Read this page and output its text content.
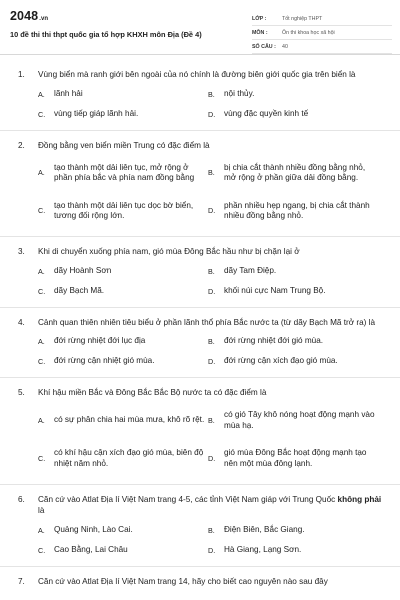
2048.vn
10 đề thi thi thpt quốc gia tổ hợp KHXH môn Địa (Đề 4)
LỚP :	Tốt nghiệp THPT
MÔN :	Ôn thi khoa học xã hội
SỐ CÂU :	40
1.	Vùng biển mà ranh giới bên ngoài của nó chính là đường biên giới quốc gia trên biển là
A. lãnh hải	B. nội thủy.
C. vùng tiếp giáp lãnh hải.	D. vùng đặc quyền kinh tế
2.	Đồng bằng ven biển miền Trung có đặc điểm là
A.
tạo thành một dải liên tục, mở rộng ở phần phía bắc và phía nam đồng bằng
B.
bị chia cắt thành nhiều đồng bằng nhỏ, mở rộng ở phần giữa dải đồng bằng.
C.
tạo thành một dải liên tục dọc bờ biển, tương đối rộng lớn.
D.
phần nhiều hẹp ngang, bị chia cắt thành nhiều đồng bằng nhỏ.
3.	Khi di chuyển xuống phía nam, gió mùa Đông Bắc hầu như bị chặn lại ở
A. dãy Hoành Sơn	B. dãy Tam Điệp.
C. dãy Bạch Mã.	D. khối núi cực Nam Trung Bộ.
4.	Cảnh quan thiên nhiên tiêu biểu ở phần lãnh thổ phía Bắc nước ta (từ dãy Bạch Mã trở ra) là
A. đới rừng nhiệt đới lục địa	B. đới rừng nhiệt đới gió mùa.
C. đới rừng cận nhiệt gió mùa.	D. đới rừng cận xích đạo gió mùa.
5.	Khí hậu miền Bắc và Đông Bắc Bắc Bộ nước ta có đặc điểm là
A. có sự phân chia hai mùa mưa, khô rõ rệt. B.
có gió Tây khô nóng hoạt động mạnh vào mùa hạ.
C.
có khí hậu cận xích đạo gió mùa, biên độ nhiệt năm nhỏ.
D.
gió mùa Đông Bắc hoạt động mạnh tạo nên một mùa đông lạnh.
6.	Căn cứ vào Atlat Địa lí Việt Nam trang 4-5, các tỉnh Việt Nam giáp với Trung Quốc không phải là
A. Quảng Ninh, Lào Cai.	B. Điện Biên, Bắc Giang.
C. Cao Bằng, Lai Châu	D. Hà Giang, Lạng Sơn.
7.	Căn cứ vào Atlat Địa lí Việt Nam trang 14, hãy cho biết cao nguyên nào sau đây
